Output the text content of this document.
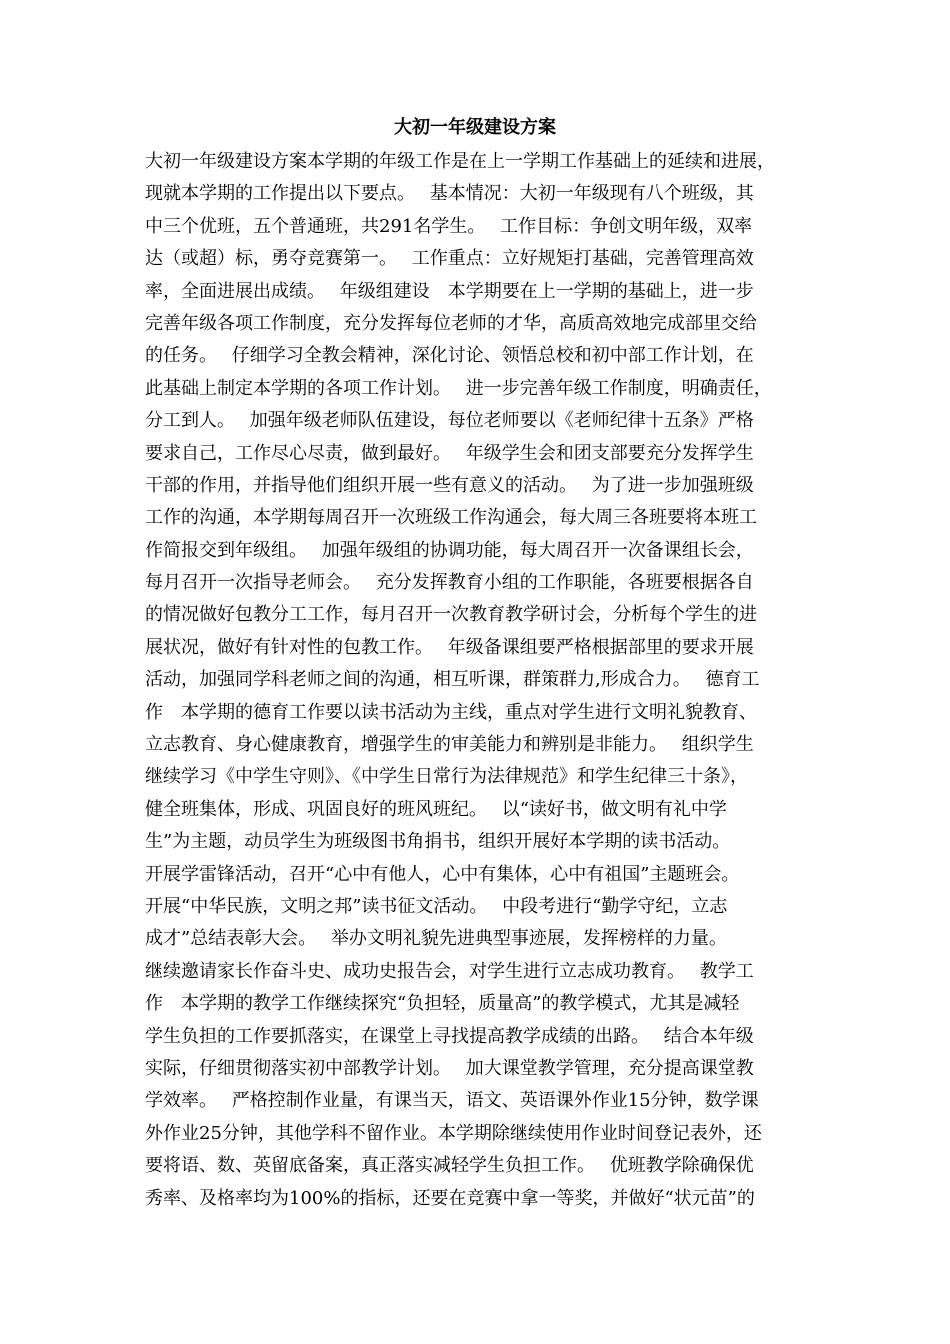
大初一年级建设方案
大初一年级建设方案本学期的年级工作是在上一学期工作基础上的延续和进展，
现就本学期的工作提出以下要点。　 基本情况：大初一年级现有八个班级，其
中三个优班，五个普通班，共291名学生。　 工作目标：争创文明年级，双率
达（或超）标，勇夺竞赛第一。　 工作重点：立好规矩打基础，完善管理高效
率，全面进展出成绩。　 年级组建设　本学期要在上一学期的基础上，进一步
完善年级各项工作制度，充分发挥每位老师的才华，高质高效地完成部里交给
的任务。　 仔细学习全教会精神，深化讨论、领悟总校和初中部工作计划，在
此基础上制定本学期的各项工作计划。　 进一步完善年级工作制度，明确责任，
分工到人。　 加强年级老师队伍建设，每位老师要以《老师纪律十五条》严格
要求自己，工作尽心尽责，做到最好。　 年级学生会和团支部要充分发挥学生
干部的作用，并指导他们组织开展一些有意义的活动。　 为了进一步加强班级
工作的沟通，本学期每周召开一次班级工作沟通会，每大周三各班要将本班工
作简报交到年级组。　 加强年级组的协调功能，每大周召开一次备课组长会，
每月召开一次指导老师会。　 充分发挥教育小组的工作职能，各班要根据各自
的情况做好包教分工工作，每月召开一次教育教学研讨会，分析每个学生的进
展状况，做好有针对性的包教工作。　 年级备课组要严格根据部里的要求开展
活动，加强同学科老师之间的沟通，相互听课，群策群力,形成合力。　 德育工
作　本学期的德育工作要以读书活动为主线，重点对学生进行文明礼貌教育、
立志教育、身心健康教育，增强学生的审美能力和辨别是非能力。　 组织学生
继续学习《中学生守则》、《中学生日常行为法律规范》和学生纪律三十条》，
健全班集体，形成、巩固良好的班风班纪。　 以“读好书，做文明有礼中学
生”为主题，动员学生为班级图书角捐书，组织开展好本学期的读书活动。
开展学雷锋活动，召开“心中有他人，心中有集体，心中有祖国”主题班会。
开展“中华民族，文明之邦”读书征文活动。　 中段考进行“勤学守纪，立志
成才”总结表彰大会。　 举办文明礼貌先进典型事迹展，发挥榜样的力量。
继续邀请家长作奋斗史、成功史报告会，对学生进行立志成功教育。　 教学工
作　本学期的教学工作继续探究“负担轻，质量高”的教学模式，尤其是减轻
学生负担的工作要抓落实，在课堂上寻找提高教学成绩的出路。　 结合本年级
实际，仔细贯彻落实初中部教学计划。　 加大课堂教学管理，充分提高课堂教
学效率。　 严格控制作业量，有课当天，语文、英语课外作业15分钟，数学课
外作业25分钟，其他学科不留作业。本学期除继续使用作业时间登记表外，还
要将语、数、英留底备案，真正落实减轻学生负担工作。　 优班教学除确保优
秀率、及格率均为100%的指标，还要在竞赛中拿一等奖，并做好“状元苗”的
